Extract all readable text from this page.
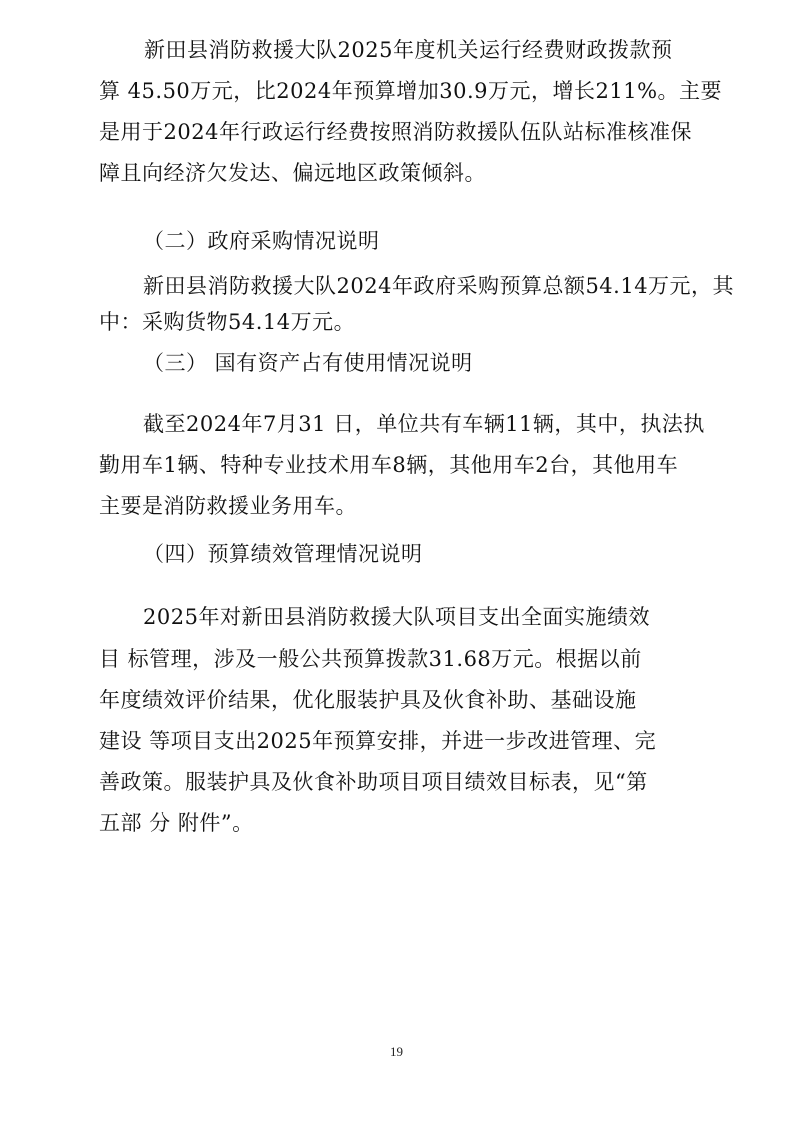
新田县消防救援大队2025年度机关运行经费财政拨款预
算 45.50万元，比2024年预算增加30.9万元，增长211%。主要
是用于2024年行政运行经费按照消防救援队伍队站标准核准保
障且向经济欠发达、偏远地区政策倾斜。
（二）政府采购情况说明
新田县消防救援大队2024年政府采购预算总额54.14万元，其
中：采购货物54.14万元。
（三） 国有资产占有使用情况说明
截至2024年7月31 日，单位共有车辆11辆，其中，执法执
勤用车1辆、特种专业技术用车8辆，其他用车2台，其他用车
主要是消防救援业务用车。
（四）预算绩效管理情况说明
2025年对新田县消防救援大队项目支出全面实施绩效
目 标管理，涉及一般公共预算拨款31.68万元。根据以前
年度绩效评价结果，优化服装护具及伙食补助、基础设施
建设 等项目支出2025年预算安排，并进一步改进管理、完
善政策。服装护具及伙食补助项目项目绩效目标表，见“第
五部 分 附件”。
19
